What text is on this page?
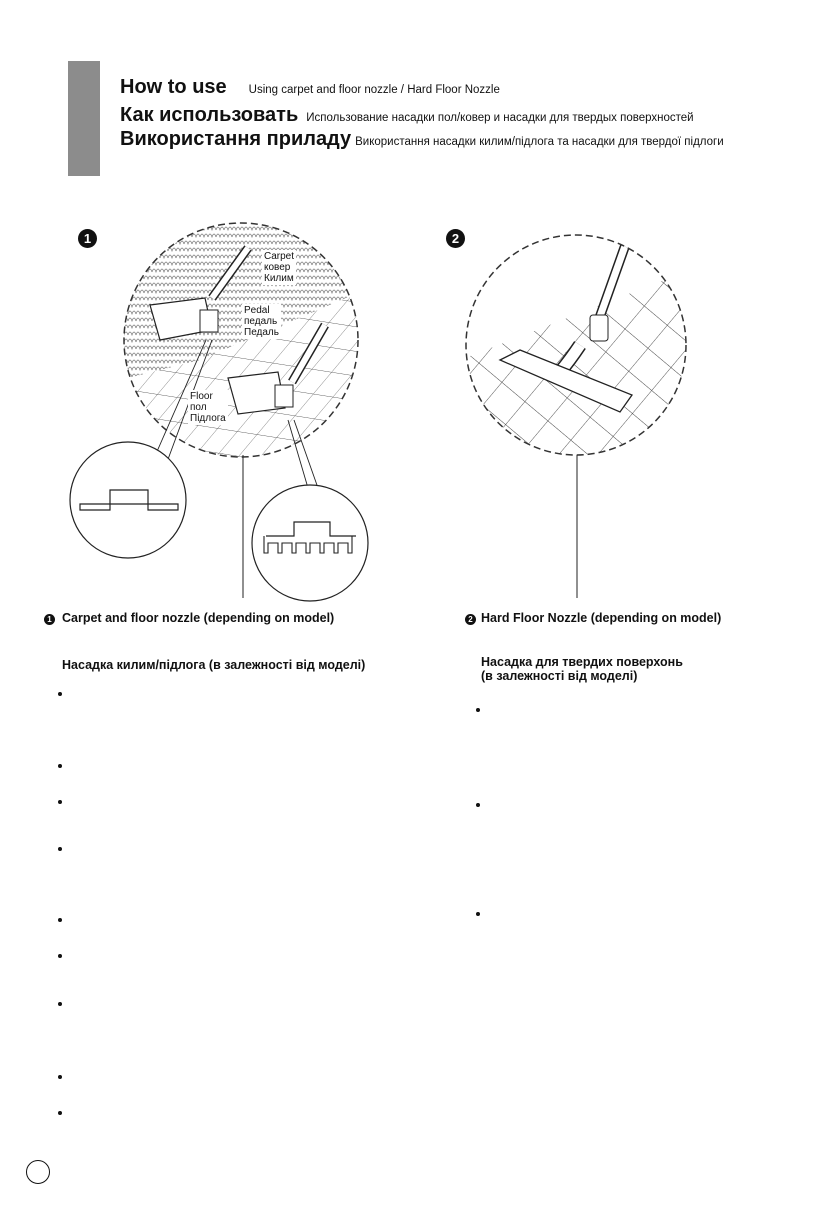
How to use Using carpet and floor nozzle / Hard Floor Nozzle
Как использовать Использование насадки пол/ковер и насадки для твердых поверхностей
Використання приладу Використання насадки килим/підлога та насадки для твердої підлоги
1	2
Carpet
ковер
Килим
Pedal
педаль
Педаль
Floor
пол
Підлога
1 Carpet and floor nozzle (depending on model)
Насадка килим/підлога (в залежності від моделі)
2 Hard Floor Nozzle (depending on model)
Насадка для твердих поверхонь
(в залежності від моделі)
